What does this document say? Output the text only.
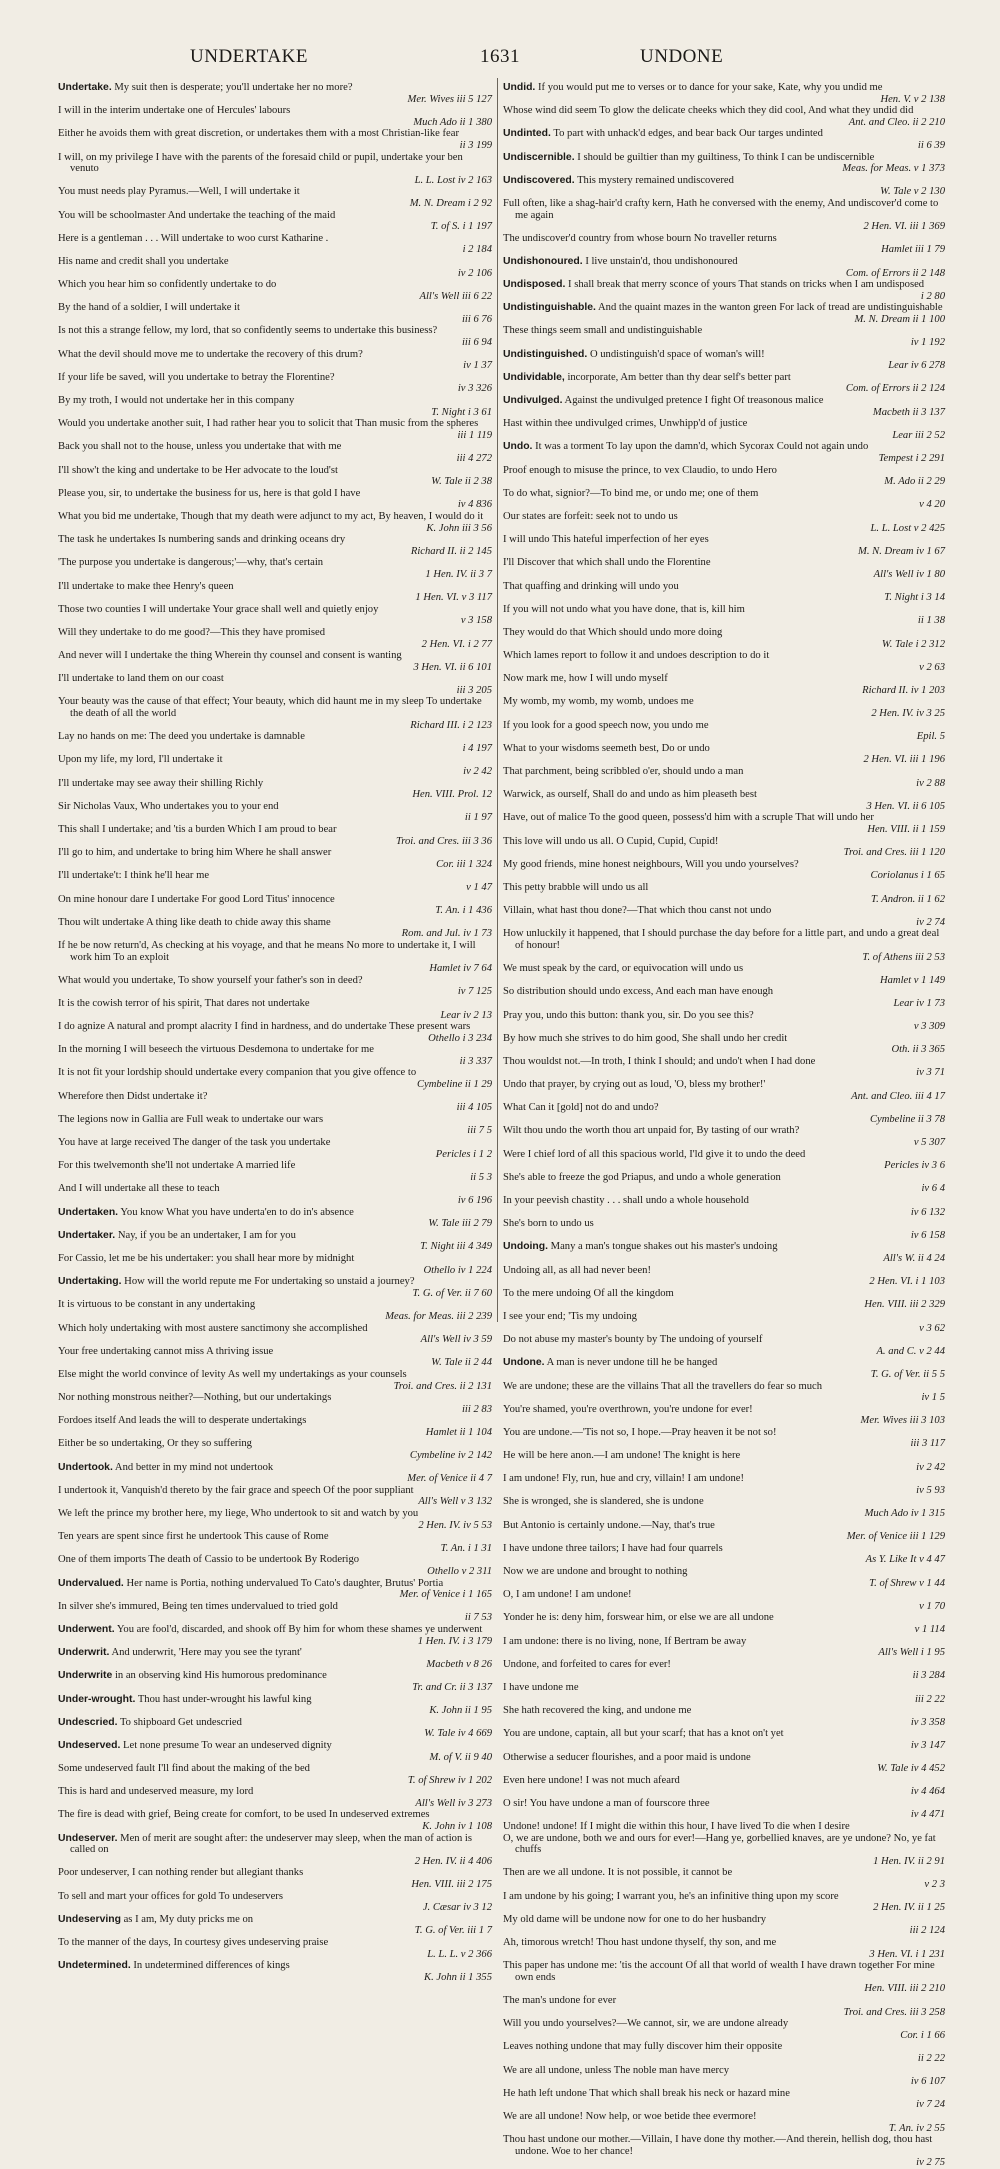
UNDERTAKE	1631	UNDONE
Undertake. My suit then is desperate; you'll undertake her no more?
Mer. Wives iii 5 127
I will in the interim undertake one of Hercules' labours
Much Ado ii 1 380
Either he avoids them with great discretion, or undertakes them with a most Christian-like fear
ii 3 199
I will, on my privilege I have with the parents of the foresaid child or pupil, undertake your ben venuto
L. L. Lost iv 2 163
You must needs play Pyramus.—Well, I will undertake it
M. N. Dream i 2 92
You will be schoolmaster And undertake the teaching of the maid
T. of S. i 1 197
Here is a gentleman . . . Will undertake to woo curst Katharine .
i 2 184
His name and credit shall you undertake
iv 2 106
Which you hear him so confidently undertake to do
All's Well iii 6 22
By the hand of a soldier, I will undertake it
iii 6 76
Is not this a strange fellow, my lord, that so confidently seems to undertake this business?
iii 6 94
What the devil should move me to undertake the recovery of this drum?
iv 1 37
If your life be saved, will you undertake to betray the Florentine?
iv 3 326
By my troth, I would not undertake her in this company
T. Night i 3 61
Would you undertake another suit, I had rather hear you to solicit that Than music from the spheres
iii 1 119
Back you shall not to the house, unless you undertake that with me
iii 4 272
I'll show't the king and undertake to be Her advocate to the loud'st
W. Tale ii 2 38
Please you, sir, to undertake the business for us, here is that gold I have
iv 4 836
What you bid me undertake, Though that my death were adjunct to my act, By heaven, I would do it
K. John iii 3 56
The task he undertakes Is numbering sands and drinking oceans dry
Richard II. ii 2 145
'The purpose you undertake is dangerous;'—why, that's certain
1 Hen. IV. ii 3 7
I'll undertake to make thee Henry's queen
1 Hen. VI. v 3 117
Those two counties I will undertake Your grace shall well and quietly enjoy
v 3 158
Will they undertake to do me good?—This they have promised
2 Hen. VI. i 2 77
And never will I undertake the thing Wherein thy counsel and consent is wanting
3 Hen. VI. ii 6 101
I'll undertake to land them on our coast
iii 3 205
Your beauty was the cause of that effect; Your beauty, which did haunt me in my sleep To undertake the death of all the world
Richard III. i 2 123
Lay no hands on me: The deed you undertake is damnable
i 4 197
Upon my life, my lord, I'll undertake it
iv 2 42
I'll undertake may see away their shilling Richly
Hen. VIII. Prol. 12
Sir Nicholas Vaux, Who undertakes you to your end
ii 1 97
This shall I undertake; and 'tis a burden Which I am proud to bear
Troi. and Cres. iii 3 36
I'll go to him, and undertake to bring him Where he shall answer
Cor. iii 1 324
I'll undertake't: I think he'll hear me
v 1 47
On mine honour dare I undertake For good Lord Titus' innocence
T. An. i 1 436
Thou wilt undertake A thing like death to chide away this shame
Rom. and Jul. iv 1 73
If he be now return'd, As checking at his voyage, and that he means No more to undertake it, I will work him To an exploit
Hamlet iv 7 64
What would you undertake, To show yourself your father's son in deed?
iv 7 125
It is the cowish terror of his spirit, That dares not undertake
Lear iv 2 13
I do agnize A natural and prompt alacrity I find in hardness, and do undertake These present wars
Othello i 3 234
In the morning I will beseech the virtuous Desdemona to undertake for me
ii 3 337
It is not fit your lordship should undertake every companion that you give offence to
Cymbeline ii 1 29
Wherefore then Didst undertake it?
iii 4 105
The legions now in Gallia are Full weak to undertake our wars
iii 7 5
You have at large received The danger of the task you undertake
Pericles i 1 2
For this twelvemonth she'll not undertake A married life
ii 5 3
And I will undertake all these to teach
iv 6 196
Undertaken. You know What you have underta'en to do in's absence
W. Tale iii 2 79
Undertaker. Nay, if you be an undertaker, I am for you
T. Night iii 4 349
For Cassio, let me be his undertaker: you shall hear more by midnight
Othello iv 1 224
Undertaking. How will the world repute me For undertaking so unstaid a journey?
T. G. of Ver. ii 7 60
It is virtuous to be constant in any undertaking
Meas. for Meas. iii 2 239
Which holy undertaking with most austere sanctimony she accomplished
All's Well iv 3 59
Your free undertaking cannot miss A thriving issue
W. Tale ii 2 44
Else might the world convince of levity As well my undertakings as your counsels
Troi. and Cres. ii 2 131
Nor nothing monstrous neither?—Nothing, but our undertakings
iii 2 83
Fordoes itself And leads the will to desperate undertakings
Hamlet ii 1 104
Either be so undertaking, Or they so suffering
Cymbeline iv 2 142
Undertook. And better in my mind not undertook
Mer. of Venice ii 4 7
I undertook it, Vanquish'd thereto by the fair grace and speech Of the poor suppliant
All's Well v 3 132
We left the prince my brother here, my liege, Who undertook to sit and watch by you
2 Hen. IV. iv 5 53
Ten years are spent since first he undertook This cause of Rome
T. An. i 1 31
One of them imports The death of Cassio to be undertook By Roderigo
Othello v 2 311
Undervalued. Her name is Portia, nothing undervalued To Cato's daughter, Brutus' Portia
Mer. of Venice i 1 165
In silver she's immured, Being ten times undervalued to tried gold
ii 7 53
Underwent. You are fool'd, discarded, and shook off By him for whom these shames ye underwent
1 Hen. IV. i 3 179
Underwrit. And underwrit, 'Here may you see the tyrant'
Macbeth v 8 26
Underwrite in an observing kind His humorous predominance
Tr. and Cr. ii 3 137
Under-wrought. Thou hast under-wrought his lawful king
K. John ii 1 95
Undescried. To shipboard Get undescried
W. Tale iv 4 669
Undeserved. Let none presume To wear an undeserved dignity
M. of V. ii 9 40
Some undeserved fault I'll find about the making of the bed
T. of Shrew iv 1 202
This is hard and undeserved measure, my lord
All's Well iv 3 273
The fire is dead with grief, Being create for comfort, to be used In undeserved extremes
K. John iv 1 108
Undeserver. Men of merit are sought after: the undeserver may sleep, when the man of action is called on
2 Hen. IV. ii 4 406
Poor undeserver, I can nothing render but allegiant thanks
Hen. VIII. iii 2 175
To sell and mart your offices for gold To undeservers
J. Cæsar iv 3 12
Undeserving as I am, My duty pricks me on
T. G. of Ver. iii 1 7
To the manner of the days, In courtesy gives undeserving praise
L. L. L. v 2 366
Undetermined. In undetermined differences of kings
K. John ii 1 355
Undid. If you would put me to verses or to dance for your sake, Kate, why you undid me
Hen. V. v 2 138
Whose wind did seem To glow the delicate cheeks which they did cool, And what they undid did
Ant. and Cleo. ii 2 210
Undinted. To part with unhack'd edges, and bear back Our targes undinted
ii 6 39
Undiscernible. I should be guiltier than my guiltiness, To think I can be undiscernible
Meas. for Meas. v 1 373
Undiscovered. This mystery remained undiscovered
W. Tale v 2 130
Full often, like a shag-hair'd crafty kern, Hath he conversed with the enemy, And undiscover'd come to me again
2 Hen. VI. iii 1 369
The undiscover'd country from whose bourn No traveller returns
Hamlet iii 1 79
Undishonoured. I live unstain'd, thou undishonoured
Com. of Errors ii 2 148
Undisposed. I shall break that merry sconce of yours That stands on tricks when I am undisposed
i 2 80
Undistinguishable. And the quaint mazes in the wanton green For lack of tread are undistinguishable
M. N. Dream ii 1 100
These things seem small and undistinguishable
iv 1 192
Undistinguished. O undistinguish'd space of woman's will!
Lear iv 6 278
Undividable, incorporate, Am better than thy dear self's better part
Com. of Errors ii 2 124
Undivulged. Against the undivulged pretence I fight Of treasonous malice
Macbeth ii 3 137
Hast within thee undivulged crimes, Unwhipp'd of justice
Lear iii 2 52
Undo. It was a torment To lay upon the damn'd, which Sycorax Could not again undo
Tempest i 2 291
Proof enough to misuse the prince, to vex Claudio, to undo Hero
M. Ado ii 2 29
To do what, signior?—To bind me, or undo me; one of them
v 4 20
Our states are forfeit: seek not to undo us
L. L. Lost v 2 425
I will undo This hateful imperfection of her eyes
M. N. Dream iv 1 67
I'll Discover that which shall undo the Florentine
All's Well iv 1 80
That quaffing and drinking will undo you
T. Night i 3 14
If you will not undo what you have done, that is, kill him
ii 1 38
They would do that Which should undo more doing
W. Tale i 2 312
Which lames report to follow it and undoes description to do it
v 2 63
Now mark me, how I will undo myself
Richard II. iv 1 203
My womb, my womb, my womb, undoes me
2 Hen. IV. iv 3 25
If you look for a good speech now, you undo me
Epil. 5
What to your wisdoms seemeth best, Do or undo
2 Hen. VI. iii 1 196
That parchment, being scribbled o'er, should undo a man
iv 2 88
Warwick, as ourself, Shall do and undo as him pleaseth best
3 Hen. VI. ii 6 105
Have, out of malice To the good queen, possess'd him with a scruple That will undo her
Hen. VIII. ii 1 159
This love will undo us all. O Cupid, Cupid, Cupid!
Troi. and Cres. iii 1 120
My good friends, mine honest neighbours, Will you undo yourselves?
Coriolanus i 1 65
This petty brabble will undo us all
T. Andron. ii 1 62
Villain, what hast thou done?—That which thou canst not undo
iv 2 74
How unluckily it happened, that I should purchase the day before for a little part, and undo a great deal of honour!
T. of Athens iii 2 53
We must speak by the card, or equivocation will undo us
Hamlet v 1 149
So distribution should undo excess, And each man have enough
Lear iv 1 73
Pray you, undo this button: thank you, sir. Do you see this?
v 3 309
By how much she strives to do him good, She shall undo her credit
Oth. ii 3 365
Thou wouldst not.—In troth, I think I should; and undo't when I had done
iv 3 71
Undo that prayer, by crying out as loud, 'O, bless my brother!'
Ant. and Cleo. iii 4 17
What Can it [gold] not do and undo?
Cymbeline ii 3 78
Wilt thou undo the worth thou art unpaid for, By tasting of our wrath?
v 5 307
Were I chief lord of all this spacious world, I'ld give it to undo the deed
Pericles iv 3 6
She's able to freeze the god Priapus, and undo a whole generation
iv 6 4
In your peevish chastity . . . shall undo a whole household
iv 6 132
She's born to undo us
iv 6 158
Undoing. Many a man's tongue shakes out his master's undoing
All's W. ii 4 24
Undoing all, as all had never been!
2 Hen. VI. i 1 103
To the mere undoing Of all the kingdom
Hen. VIII. iii 2 329
I see your end; 'Tis my undoing
v 3 62
Do not abuse my master's bounty by The undoing of yourself
A. and C. v 2 44
Undone. A man is never undone till he be hanged
T. G. of Ver. ii 5 5
We are undone; these are the villains That all the travellers do fear so much
iv 1 5
You're shamed, you're overthrown, you're undone for ever!
Mer. Wives iii 3 103
You are undone.—'Tis not so, I hope.—Pray heaven it be not so!
iii 3 117
He will be here anon.—I am undone! The knight is here
iv 2 42
I am undone! Fly, run, hue and cry, villain! I am undone!
iv 5 93
She is wronged, she is slandered, she is undone
Much Ado iv 1 315
But Antonio is certainly undone.—Nay, that's true
Mer. of Venice iii 1 129
I have undone three tailors; I have had four quarrels
As Y. Like It v 4 47
Now we are undone and brought to nothing
T. of Shrew v 1 44
O, I am undone! I am undone!
v 1 70
Yonder he is: deny him, forswear him, or else we are all undone
v 1 114
I am undone: there is no living, none, If Bertram be away
All's Well i 1 95
Undone, and forfeited to cares for ever!
ii 3 284
I have undone me
iii 2 22
She hath recovered the king, and undone me
iv 3 358
You are undone, captain, all but your scarf; that has a knot on't yet
iv 3 147
Otherwise a seducer flourishes, and a poor maid is undone
W. Tale iv 4 452
Even here undone! I was not much afeard
iv 4 464
O sir! You have undone a man of fourscore three
iv 4 471
Undone! undone! If I might die within this hour, I have lived To die when I desire
O, we are undone, both we and ours for ever!—Hang ye, gorbellied knaves, are ye undone? No, ye fat chuffs
1 Hen. IV. ii 2 91
Then are we all undone. It is not possible, it cannot be
v 2 3
I am undone by his going; I warrant you, he's an infinitive thing upon my score
2 Hen. IV. ii 1 25
My old dame will be undone now for one to do her husbandry
iii 2 124
Ah, timorous wretch! Thou hast undone thyself, thy son, and me
3 Hen. VI. i 1 231
This paper has undone me: 'tis the account Of all that world of wealth I have drawn together For mine own ends
Hen. VIII. iii 2 210
The man's undone for ever
Troi. and Cres. iii 3 258
Will you undo yourselves?—We cannot, sir, we are undone already
Cor. i 1 66
Leaves nothing undone that may fully discover him their opposite
ii 2 22
We are all undone, unless The noble man have mercy
iv 6 107
He hath left undone That which shall break his neck or hazard mine
iv 7 24
We are all undone! Now help, or woe betide thee evermore!
T. An. iv 2 55
Thou hast undone our mother.—Villain, I have done thy mother.—And therein, hellish dog, thou hast undone. Woe to her chance!
iv 2 75
